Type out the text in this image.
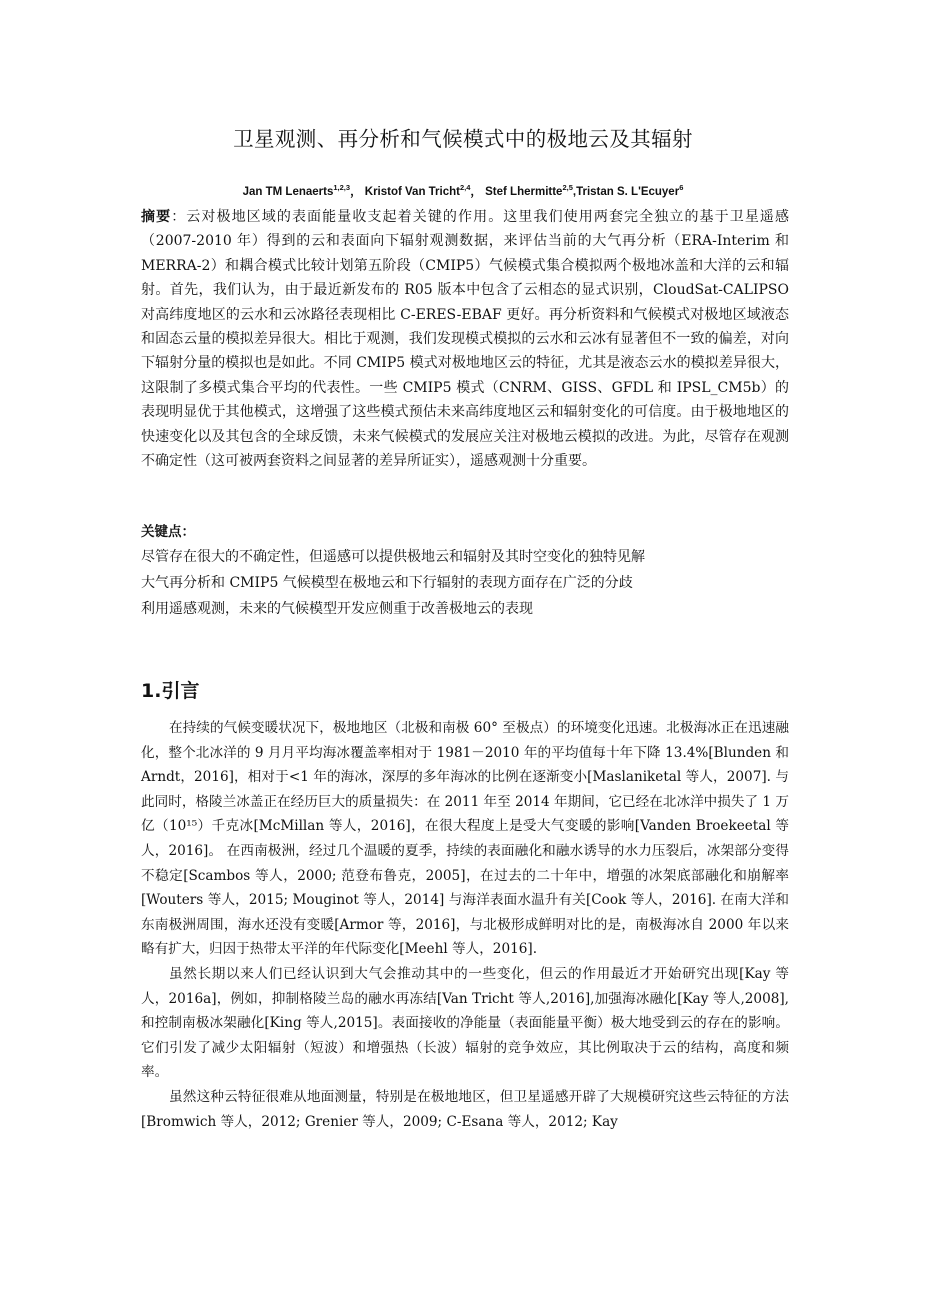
卫星观测、再分析和气候模式中的极地云及其辐射
Jan TM Lenaerts$^{1,2,3}$， Kristof Van Tricht$^{2,4}$， Stef Lhermitte$^{2,5}$,Tristan S. L'Ecuyer$^6$
摘要：云对极地区域的表面能量收支起着关键的作用。这里我们使用两套完全独立的基于卫星遥感（2007-2010 年）得到的云和表面向下辐射观测数据，来评估当前的大气再分析（ERA-Interim 和 MERRA-2）和耦合模式比较计划第五阶段（CMIP5）气候模式集合模拟两个极地冰盖和大洋的云和辐射。首先，我们认为，由于最近新发布的 R05 版本中包含了云相态的显式识别，CloudSat-CALIPSO 对高纬度地区的云水和云冰路径表现相比 C-ERES-EBAF 更好。再分析资料和气候模式对极地区域液态和固态云量的模拟差异很大。相比于观测，我们发现模式模拟的云水和云冰有显著但不一致的偏差，对向下辐射分量的模拟也是如此。不同 CMIP5 模式对极地地区云的特征，尤其是液态云水的模拟差异很大，这限制了多模式集合平均的代表性。一些 CMIP5 模式（CNRM、GISS、GFDL 和 IPSL_CM5b）的表现明显优于其他模式，这增强了这些模式预估未来高纬度地区云和辐射变化的可信度。由于极地地区的快速变化以及其包含的全球反馈，未来气候模式的发展应关注对极地云模拟的改进。为此，尽管存在观测不确定性（这可被两套资料之间显著的差异所证实），遥感观测十分重要。
关键点：
尽管存在很大的不确定性，但遥感可以提供极地云和辐射及其时空变化的独特见解
大气再分析和 CMIP5 气候模型在极地云和下行辐射的表现方面存在广泛的分歧
利用遥感观测，未来的气候模型开发应侧重于改善极地云的表现
1.引言

在持续的气候变暖状况下，极地地区（北极和南极 60° 至极点）的环境变化迅速。北极海冰正在迅速融化，整个北冰洋的 9 月月平均海冰覆盖率相对于 1981－2010 年的平均值每十年下降 13.4%[Blunden 和 Arndt，2016]，相对于<1 年的海冰，深厚的多年海冰的比例在逐渐变小[Maslaniketal 等人，2007]. 与此同时，格陵兰冰盖正在经历巨大的质量损失：在 2011 年至 2014 年期间，它已经在北冰洋中损失了 1 万亿（10¹⁵）千克冰[McMillan 等人，2016]，在很大程度上是受大气变暖的影响[Vanden Broekeetal 等人，2016]。 在西南极洲，经过几个温暖的夏季，持续的表面融化和融水诱导的水力压裂后，冰架部分变得不稳定[Scambos 等人，2000; 范登布鲁克，2005]，在过去的二十年中，增强的冰架底部融化和崩解率[Wouters 等人，2015; Mouginot 等人，2014] 与海洋表面水温升有关[Cook 等人，2016]. 在南大洋和东南极洲周围，海水还没有变暖[Armor 等，2016]，与北极形成鲜明对比的是，南极海冰自 2000 年以来略有扩大，归因于热带太平洋的年代际变化[Meehl 等人，2016].

虽然长期以来人们已经认识到大气会推动其中的一些变化，但云的作用最近才开始研究出现[Kay 等人，2016a]，例如，抑制格陵兰岛的融水再冻结[Van Tricht 等人,2016],加强海冰融化[Kay 等人,2008],和控制南极冰架融化[King 等人,2015]。表面接收的净能量（表面能量平衡）极大地受到云的存在的影响。它们引发了减少太阳辐射（短波）和增强热（长波）辐射的竞争效应，其比例取决于云的结构，高度和频率。

虽然这种云特征很难从地面测量，特别是在极地地区，但卫星遥感开辟了大规模研究这些云特征的方法[Bromwich 等人，2012; Grenier 等人，2009; C-Esana 等人，2012; Kay
